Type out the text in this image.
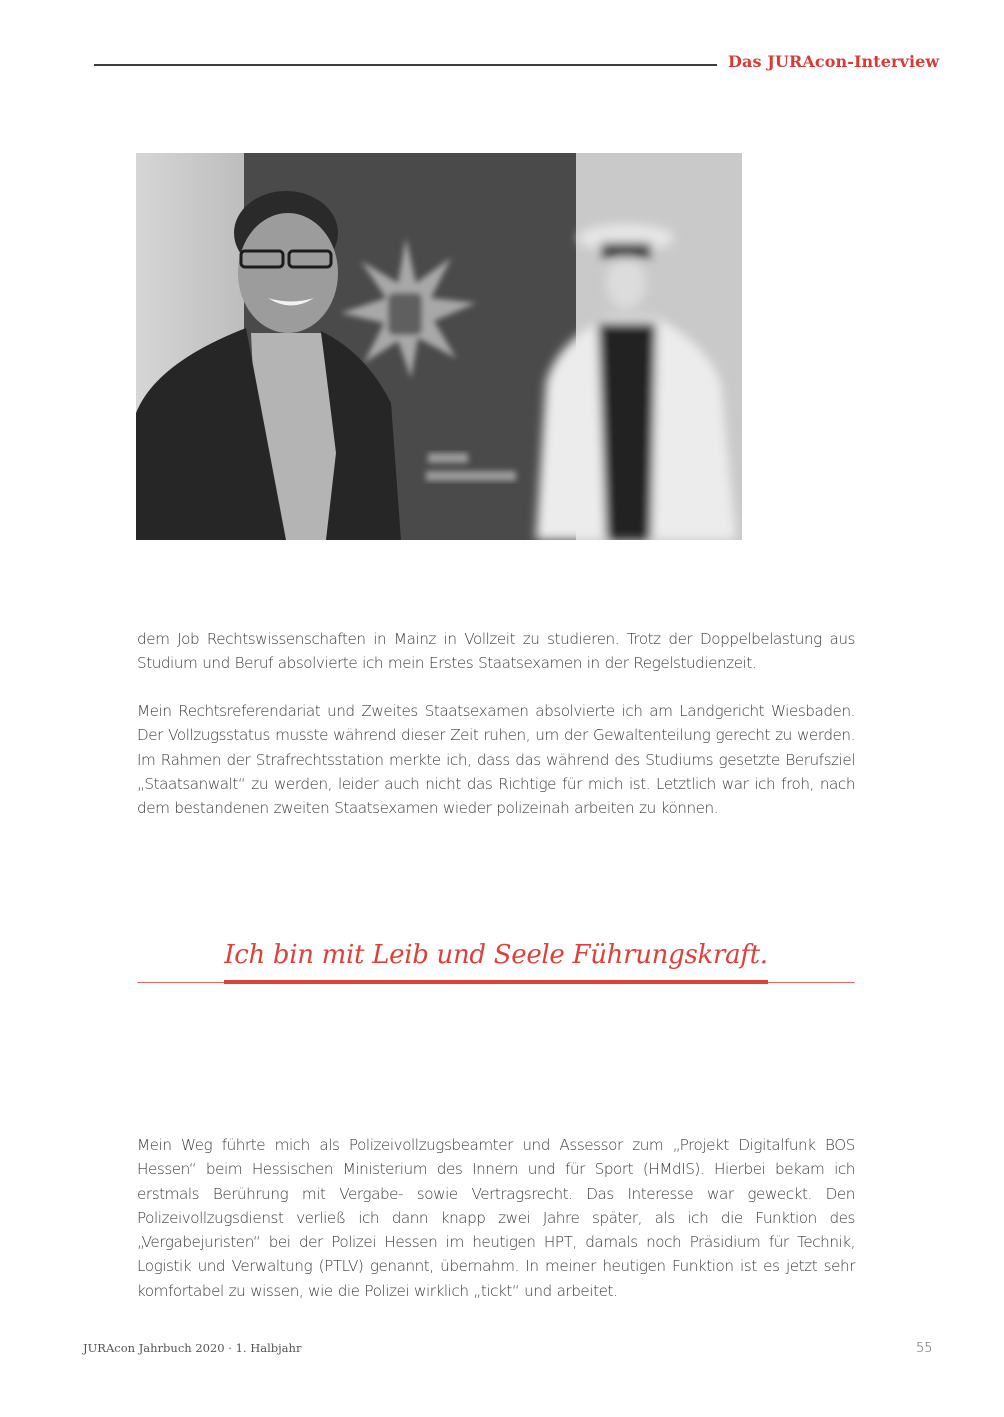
Das JURAcon-Interview

dem Job Rechtswissenschaften in Mainz in Vollzeit zu studieren. Trotz der Doppelbelastung aus Studium und Beruf absolvierte ich mein Erstes Staatsexamen in der Regelstudienzeit.

Mein Rechtsreferendariat und Zweites Staatsexamen absolvierte ich am Landgericht Wiesbaden. Der Vollzugsstatus musste während dieser Zeit ruhen, um der Gewaltenteilung gerecht zu werden. Im Rahmen der Strafrechtsstation merkte ich, dass das während des Studiums gesetzte Berufsziel „Staatsanwalt“ zu werden, leider auch nicht das Richtige für mich ist. Letztlich war ich froh, nach dem bestandenen zweiten Staatsexamen wieder polizeinah arbeiten zu können.

Ich bin mit Leib und Seele Führungskraft.

Mein Weg führte mich als Polizeivollzugsbeamter und Assessor zum „Projekt Digitalfunk BOS Hessen“ beim Hessischen Ministerium des Innern und für Sport (HMdIS). Hierbei bekam ich erstmals Berührung mit Vergabe- sowie Vertragsrecht. Das Interesse war geweckt. Den Polizeivollzugsdienst verließ ich dann knapp zwei Jahre später, als ich die Funktion des „Vergabejuristen“ bei der Polizei Hessen im heutigen HPT, damals noch Präsidium für Technik, Logistik und Verwaltung (PTLV) genannt, übernahm. In meiner heutigen Funktion ist es jetzt sehr komfortabel zu wissen, wie die Polizei wirklich „tickt“ und arbeitet.

JURAcon Jahrbuch 2020 · 1. Halbjahr	55
